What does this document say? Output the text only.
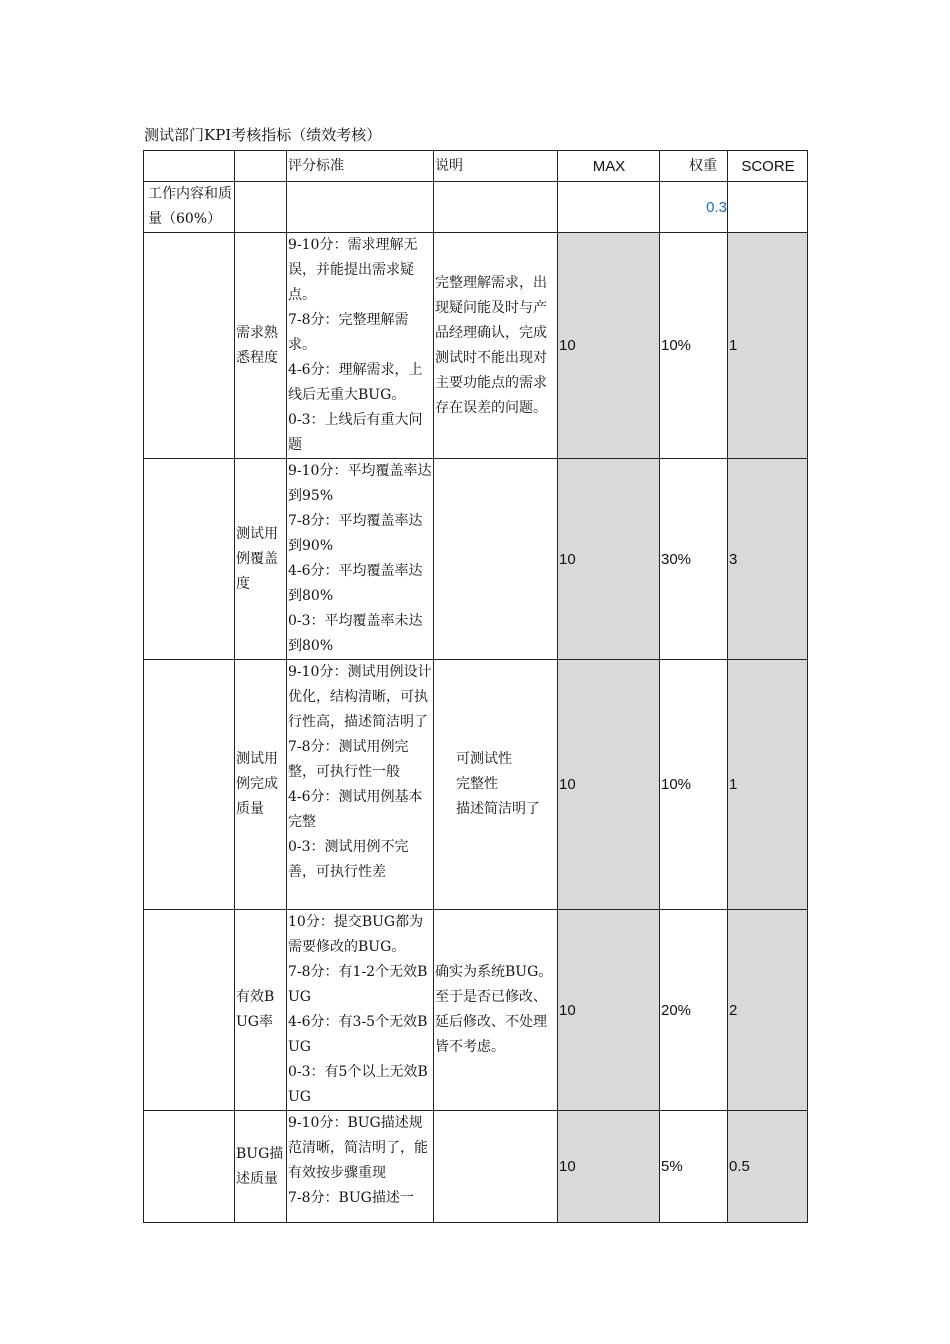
测试部门KPI考核指标（绩效考核）
		评分标准	说明	MAX	权重	SCORE
工作内容和质量（60%）					0.3	
	需求熟悉程度	9-10分：需求理解无误，并能提出需求疑点。
7-8分：完整理解需求。
4-6分：理解需求，上线后无重大BUG。
0-3：上线后有重大问题	完整理解需求，出现疑问能及时与产品经理确认，完成测试时不能出现对主要功能点的需求存在误差的问题。	10	10%	1
	测试用例覆盖度	9-10分：平均覆盖率达到95%
7-8分：平均覆盖率达到90%
4-6分：平均覆盖率达到80%
0-3：平均覆盖率未达到80%		10	30%	3
	测试用例完成质量	9-10分：测试用例设计优化，结构清晰，可执行性高，描述简洁明了
7-8分：测试用例完整，可执行性一般
4-6分：测试用例基本完整
0-3：测试用例不完善，可执行性差	可测试性
完整性
描述简洁明了	10	10%	1
	有效BUG率	10分：提交BUG都为需要修改的BUG。
7-8分：有1-2个无效BUG
4-6分：有3-5个无效BUG
0-3：有5个以上无效BUG	确实为系统BUG。至于是否已修改、延后修改、不处理皆不考虑。	10	20%	2
	BUG描述质量	9-10分：BUG描述规范清晰，简洁明了，能有效按步骤重现
7-8分：BUG描述一		10	5%	0.5
